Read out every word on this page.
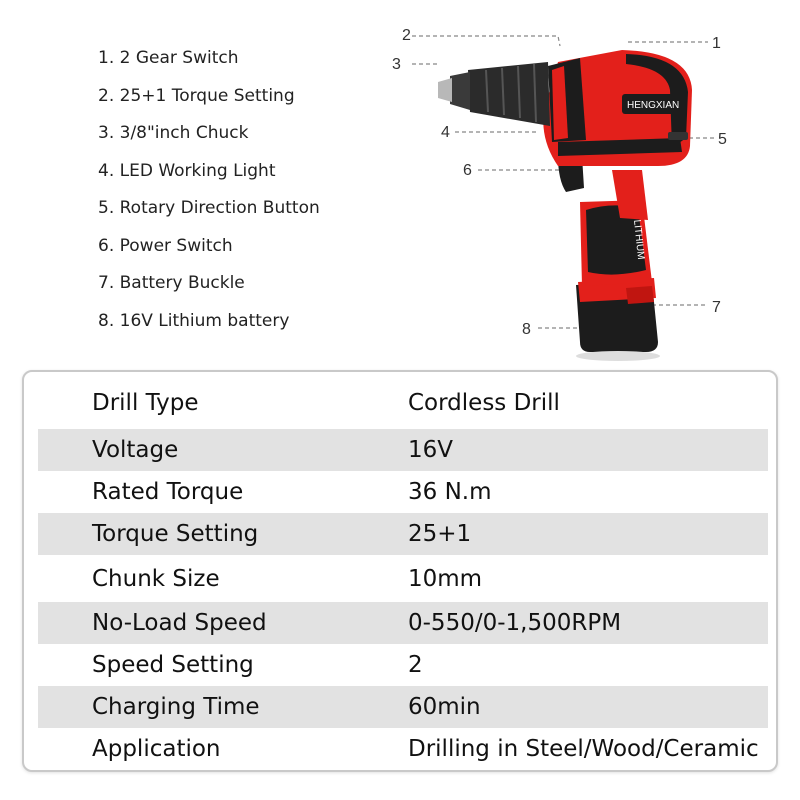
1. 2 Gear Switch
2. 25+1 Torque Setting
3. 3/8"inch Chuck
4. LED Working Light
5. Rotary Direction Button
6. Power Switch
7. Battery Buckle
8. 16V Lithium battery
2	1
3
4	5
6
7
8
LITHIUM
HENGXIAN
Drill Type	Cordless Drill
Voltage	16V
Rated Torque	36 N.m
Torque Setting	25+1
Chunk Size	10mm
No-Load Speed	0-550/0-1,500RPM
Speed Setting	2
Charging Time	60min
Application	Drilling in Steel/Wood/Ceramic
